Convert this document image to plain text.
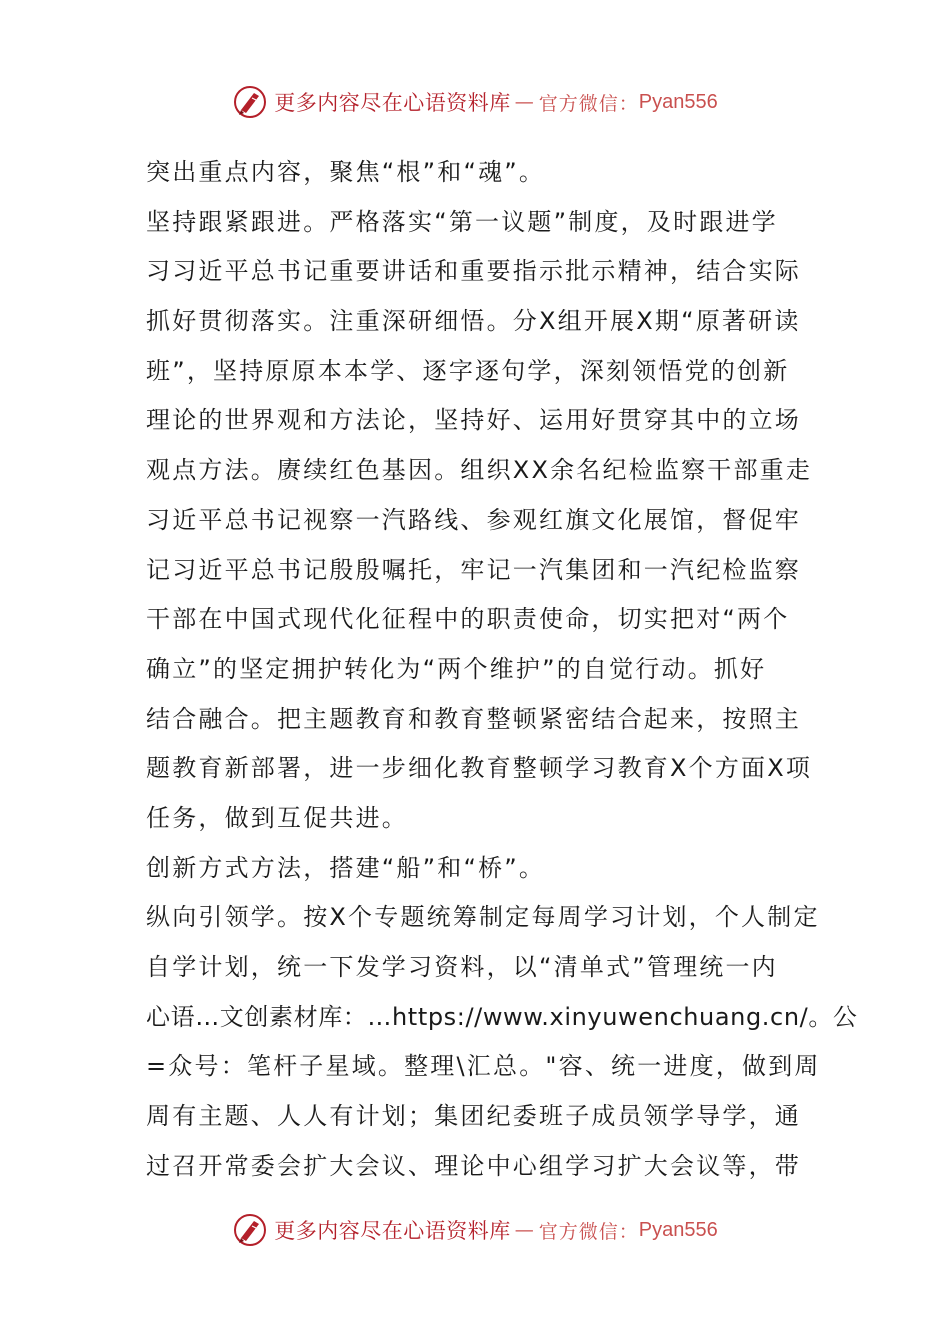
更多内容尽在心语资料库 — 官方微信： Pyan556
突出重点内容，聚焦“根”和“魂”。
坚持跟紧跟进。严格落实“第一议题”制度，及时跟进学
习习近平总书记重要讲话和重要指示批示精神，结合实际
抓好贯彻落实。注重深研细悟。分X组开展X期“原著研读
班”，坚持原原本本学、逐字逐句学，深刻领悟党的创新
理论的世界观和方法论，坚持好、运用好贯穿其中的立场
观点方法。赓续红色基因。组织XX余名纪检监察干部重走
习近平总书记视察一汽路线、参观红旗文化展馆，督促牢
记习近平总书记殷殷嘱托，牢记一汽集团和一汽纪检监察
干部在中国式现代化征程中的职责使命，切实把对“两个
确立”的坚定拥护转化为“两个维护”的自觉行动。抓好
结合融合。把主题教育和教育整顿紧密结合起来，按照主
题教育新部署，进一步细化教育整顿学习教育X个方面X项
任务，做到互促共进。
创新方式方法，搭建“船”和“桥”。
纵向引领学。按X个专题统筹制定每周学习计划，个人制定
自学计划，统一下发学习资料，以“清单式”管理统一内
心语…文创素材库：…https://www.xinyuwenchuang.cn/。公
=众号：笔杆子星域。整理\汇总。"容、统一进度，做到周
周有主题、人人有计划；集团纪委班子成员领学导学，通
过召开常委会扩大会议、理论中心组学习扩大会议等，带
更多内容尽在心语资料库 — 官方微信： Pyan556
